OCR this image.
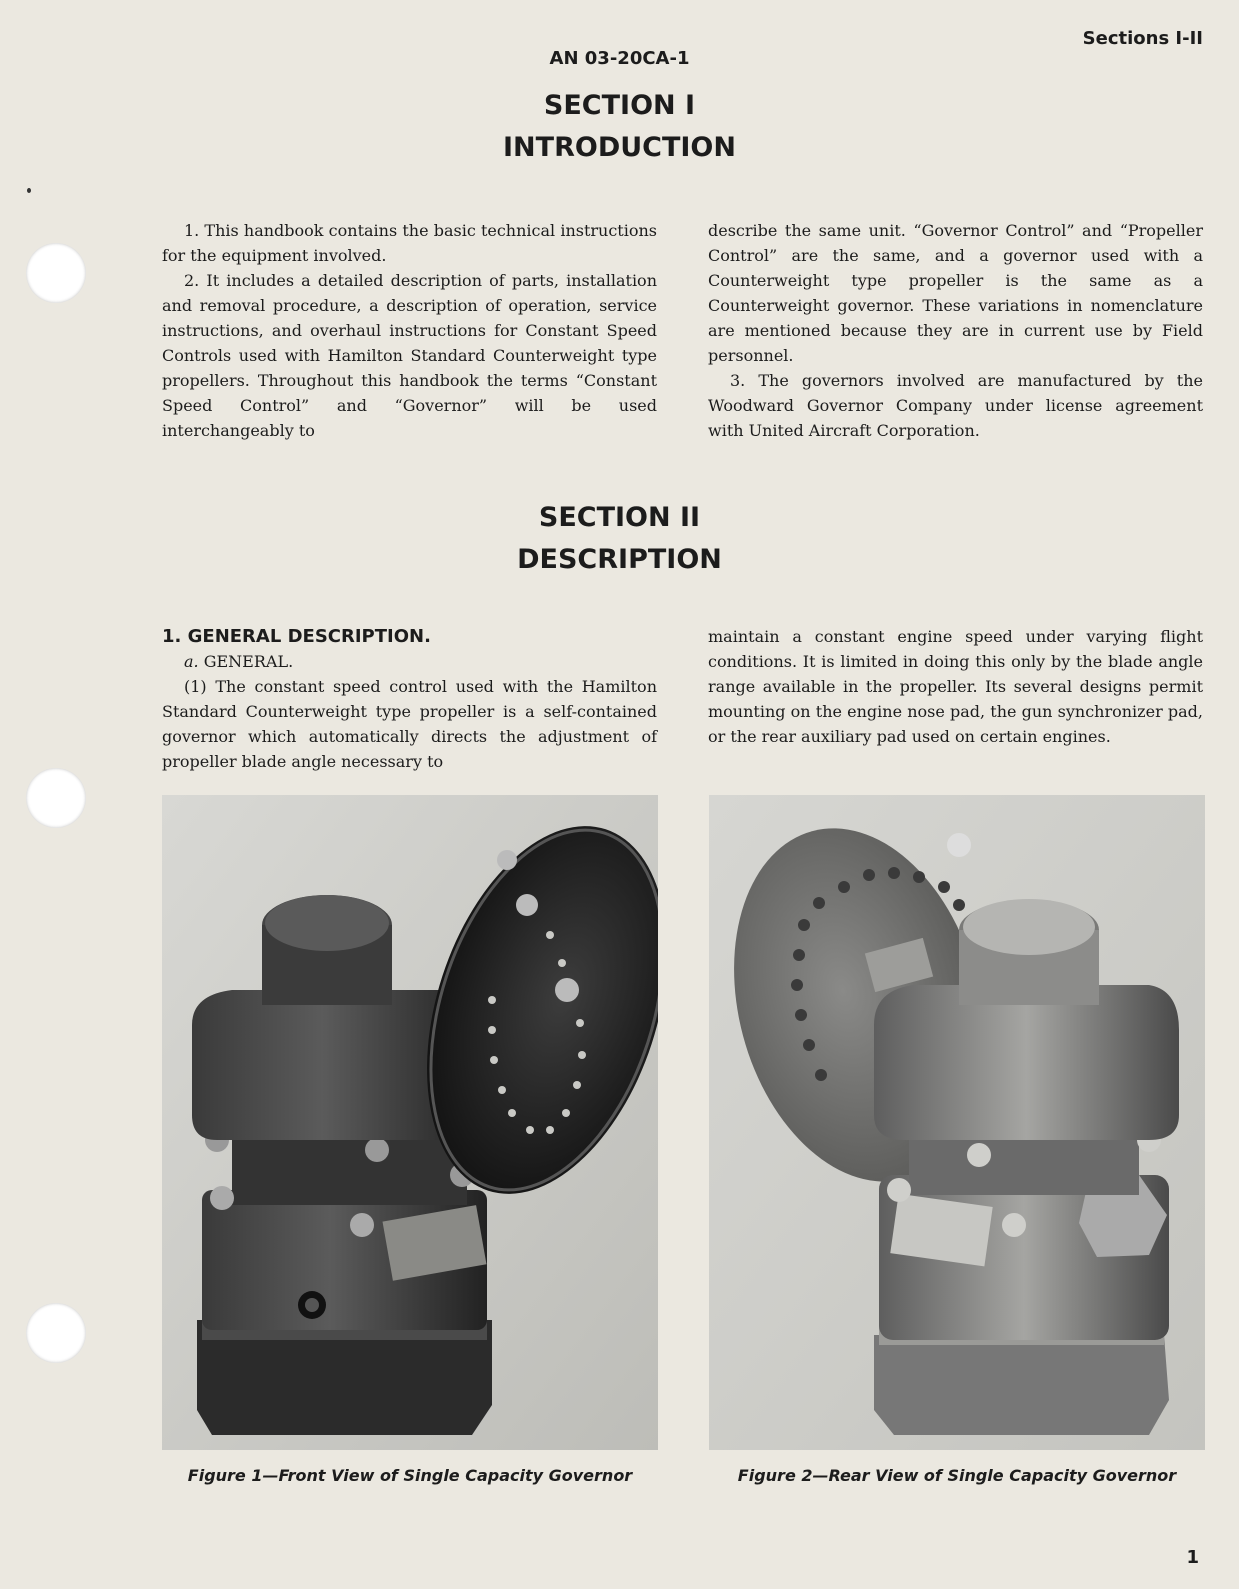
Sections I-II
AN 03-20CA-1
SECTION I
INTRODUCTION

1. This handbook contains the basic technical instructions for the equipment involved.

2. It includes a detailed description of parts, installation and removal procedure, a description of operation, service instructions, and overhaul instructions for Constant Speed Controls used with Hamilton Standard Counterweight type propellers. Throughout this handbook the terms “Constant Speed Control” and “Governor” will be used interchangeably to

describe the same unit. “Governor Control” and “Propeller Control” are the same, and a governor used with a Counterweight type propeller is the same as a Counterweight governor. These variations in nomenclature are mentioned because they are in current use by Field personnel.

3. The governors involved are manufactured by the Woodward Governor Company under license agreement with United Aircraft Corporation.

SECTION II
DESCRIPTION

1. GENERAL DESCRIPTION.

a. GENERAL.

(1) The constant speed control used with the Hamilton Standard Counterweight type propeller is a self-contained governor which automatically directs the adjustment of propeller blade angle necessary to

maintain a constant engine speed under varying flight conditions. It is limited in doing this only by the blade angle range available in the propeller. Its several designs permit mounting on the engine nose pad, the gun synchronizer pad, or the rear auxiliary pad used on certain engines.

Figure 1—Front View of Single Capacity Governor	Figure 2—Rear View of Single Capacity Governor
1
